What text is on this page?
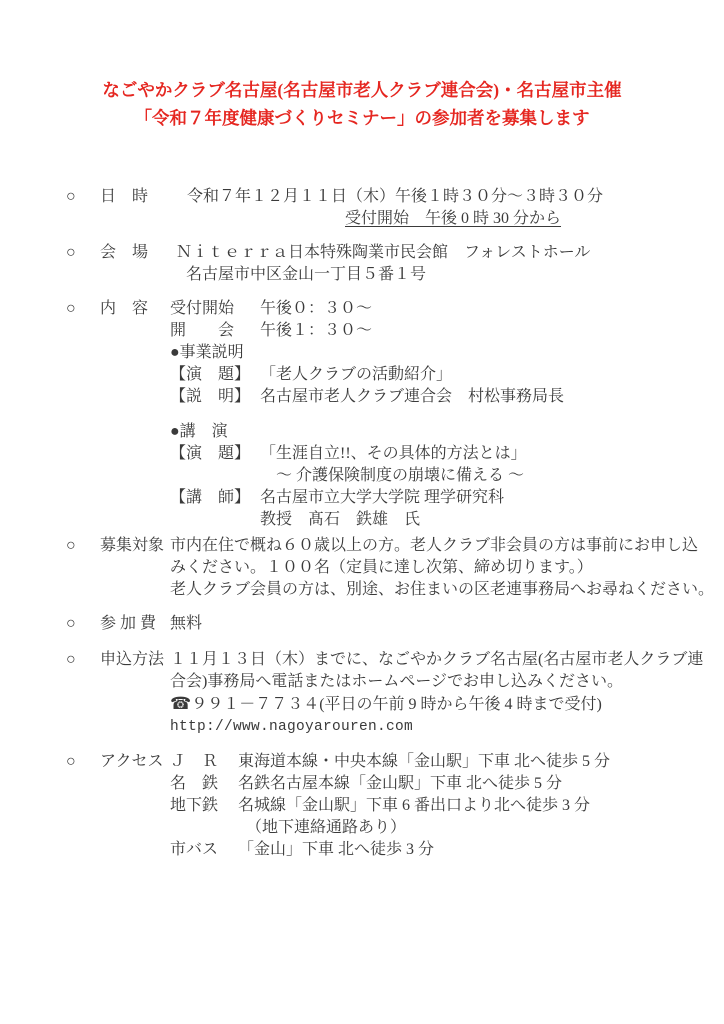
なごやかクラブ名古屋(名古屋市老人クラブ連合会)・名古屋市主催
「令和７年度健康づくりセミナー」の参加者を募集します
○	日　時	令和７年１２月１１日（木）午後１時３０分～３時３０分
受付開始　午後 0 時 30 分から
○	会　場	Ｎｉｔｅｒｒａ日本特殊陶業市民会館　フォレストホール
名古屋市中区金山一丁目５番１号
○	内　容	受付開始	午後０：３０～
開　　会	午後１：３０～
●事業説明
【演　題】 「老人クラブの活動紹介」
【説　明】 名古屋市老人クラブ連合会　村松事務局長
●講　演
【演　題】 「生涯自立!!、その具体的方法とは」
～ 介護保険制度の崩壊に備える ～
【講　師】 名古屋市立大学大学院 理学研究科
教授　髙石　鉄雄　氏
○	募集対象 市内在住で概ね６０歳以上の方。老人クラブ非会員の方は事前にお申し込
みください。１００名（定員に達し次第、締め切ります。）
老人クラブ会員の方は、別途、お住まいの区老連事務局へお尋ねください。
○	参 加 費 無料
○	申込方法 １１月１３日（木）までに、なごやかクラブ名古屋(名古屋市老人クラブ連
合会)事務局へ電話またはホームページでお申し込みください。
☎９９１－７７３４(平日の午前 9 時から午後 4 時まで受付)
http://www.nagoyarouren.com
○	アクセス Ｊ　Ｒ	東海道本線・中央本線「金山駅」下車 北へ徒歩 5 分
名　鉄	名鉄名古屋本線「金山駅」下車 北へ徒歩 5 分
地下鉄	名城線「金山駅」下車 6 番出口より北へ徒歩 3 分
（地下連絡通路あり）
市バス	「金山」下車 北へ徒歩 3 分
